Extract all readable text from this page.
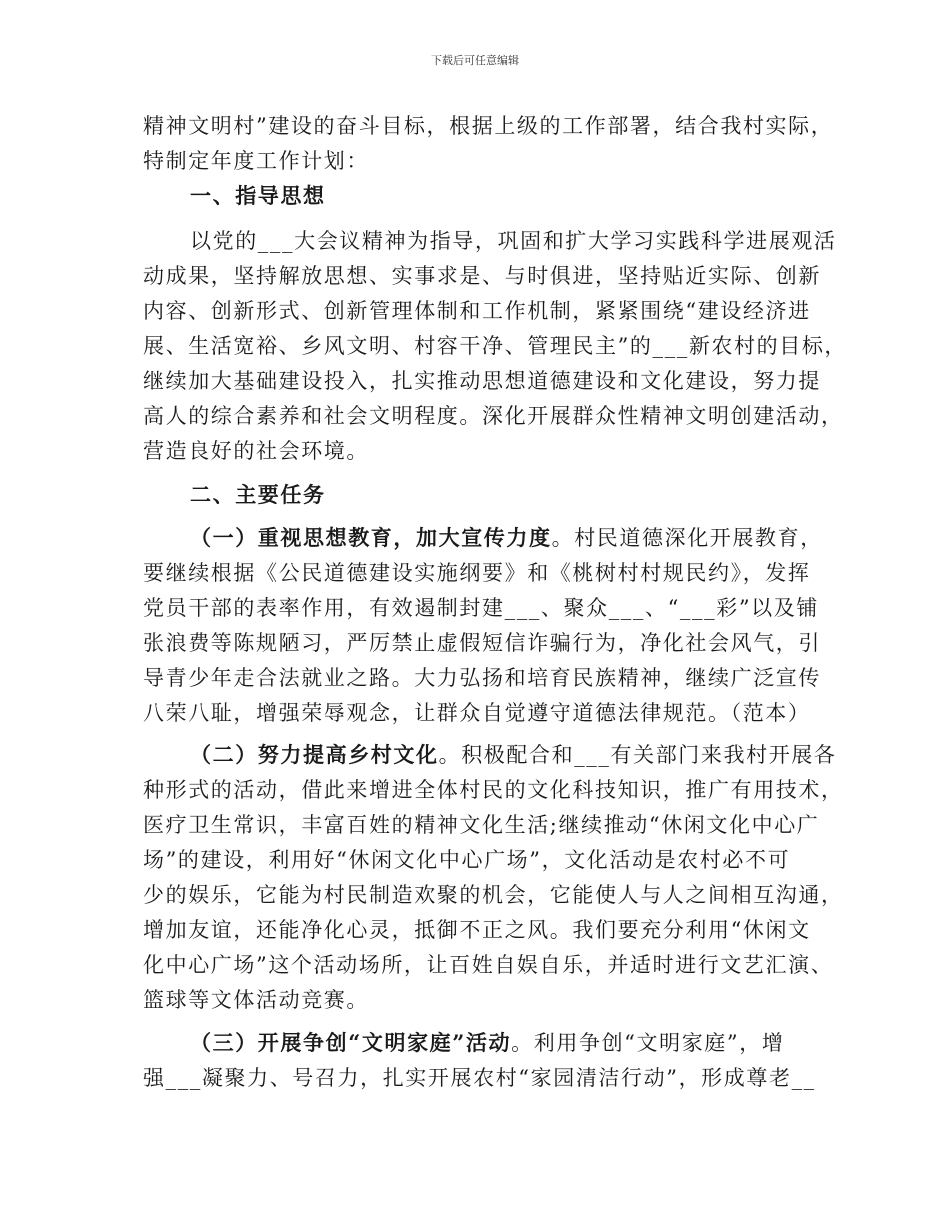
下载后可任意编辑
精神文明村”建设的奋斗目标，根据上级的工作部署，结合我村实际，
特制定年度工作计划：
一、指导思想
以党的___大会议精神为指导，巩固和扩大学习实践科学进展观活
动成果，坚持解放思想、实事求是、与时俱进，坚持贴近实际、创新
内容、创新形式、创新管理体制和工作机制，紧紧围绕“建设经济进
展、生活宽裕、乡风文明、村容干净、管理民主”的___新农村的目标，
继续加大基础建设投入，扎实推动思想道德建设和文化建设，努力提
高人的综合素养和社会文明程度。深化开展群众性精神文明创建活动，
营造良好的社会环境。
二、主要任务
（一）重视思想教育，加大宣传力度。村民道德深化开展教育，
要继续根据《公民道德建设实施纲要》和《桃树村村规民约》，发挥
党员干部的表率作用，有效遏制封建___、聚众___、“___彩”以及铺
张浪费等陈规陋习，严厉禁止虚假短信诈骗行为，净化社会风气，引
导青少年走合法就业之路。大力弘扬和培育民族精神，继续广泛宣传
八荣八耻，增强荣辱观念，让群众自觉遵守道德法律规范。（范本）
（二）努力提高乡村文化。积极配合和___有关部门来我村开展各
种形式的活动，借此来增进全体村民的文化科技知识，推广有用技术，
医疗卫生常识，丰富百姓的精神文化生活;继续推动“休闲文化中心广
场”的建设，利用好“休闲文化中心广场”，文化活动是农村必不可
少的娱乐，它能为村民制造欢聚的机会，它能使人与人之间相互沟通，
增加友谊，还能净化心灵，抵御不正之风。我们要充分利用“休闲文
化中心广场”这个活动场所，让百姓自娱自乐，并适时进行文艺汇演、
篮球等文体活动竞赛。
（三）开展争创“文明家庭”活动。利用争创“文明家庭”，增
强___凝聚力、号召力，扎实开展农村“家园清洁行动”，形成尊老__
